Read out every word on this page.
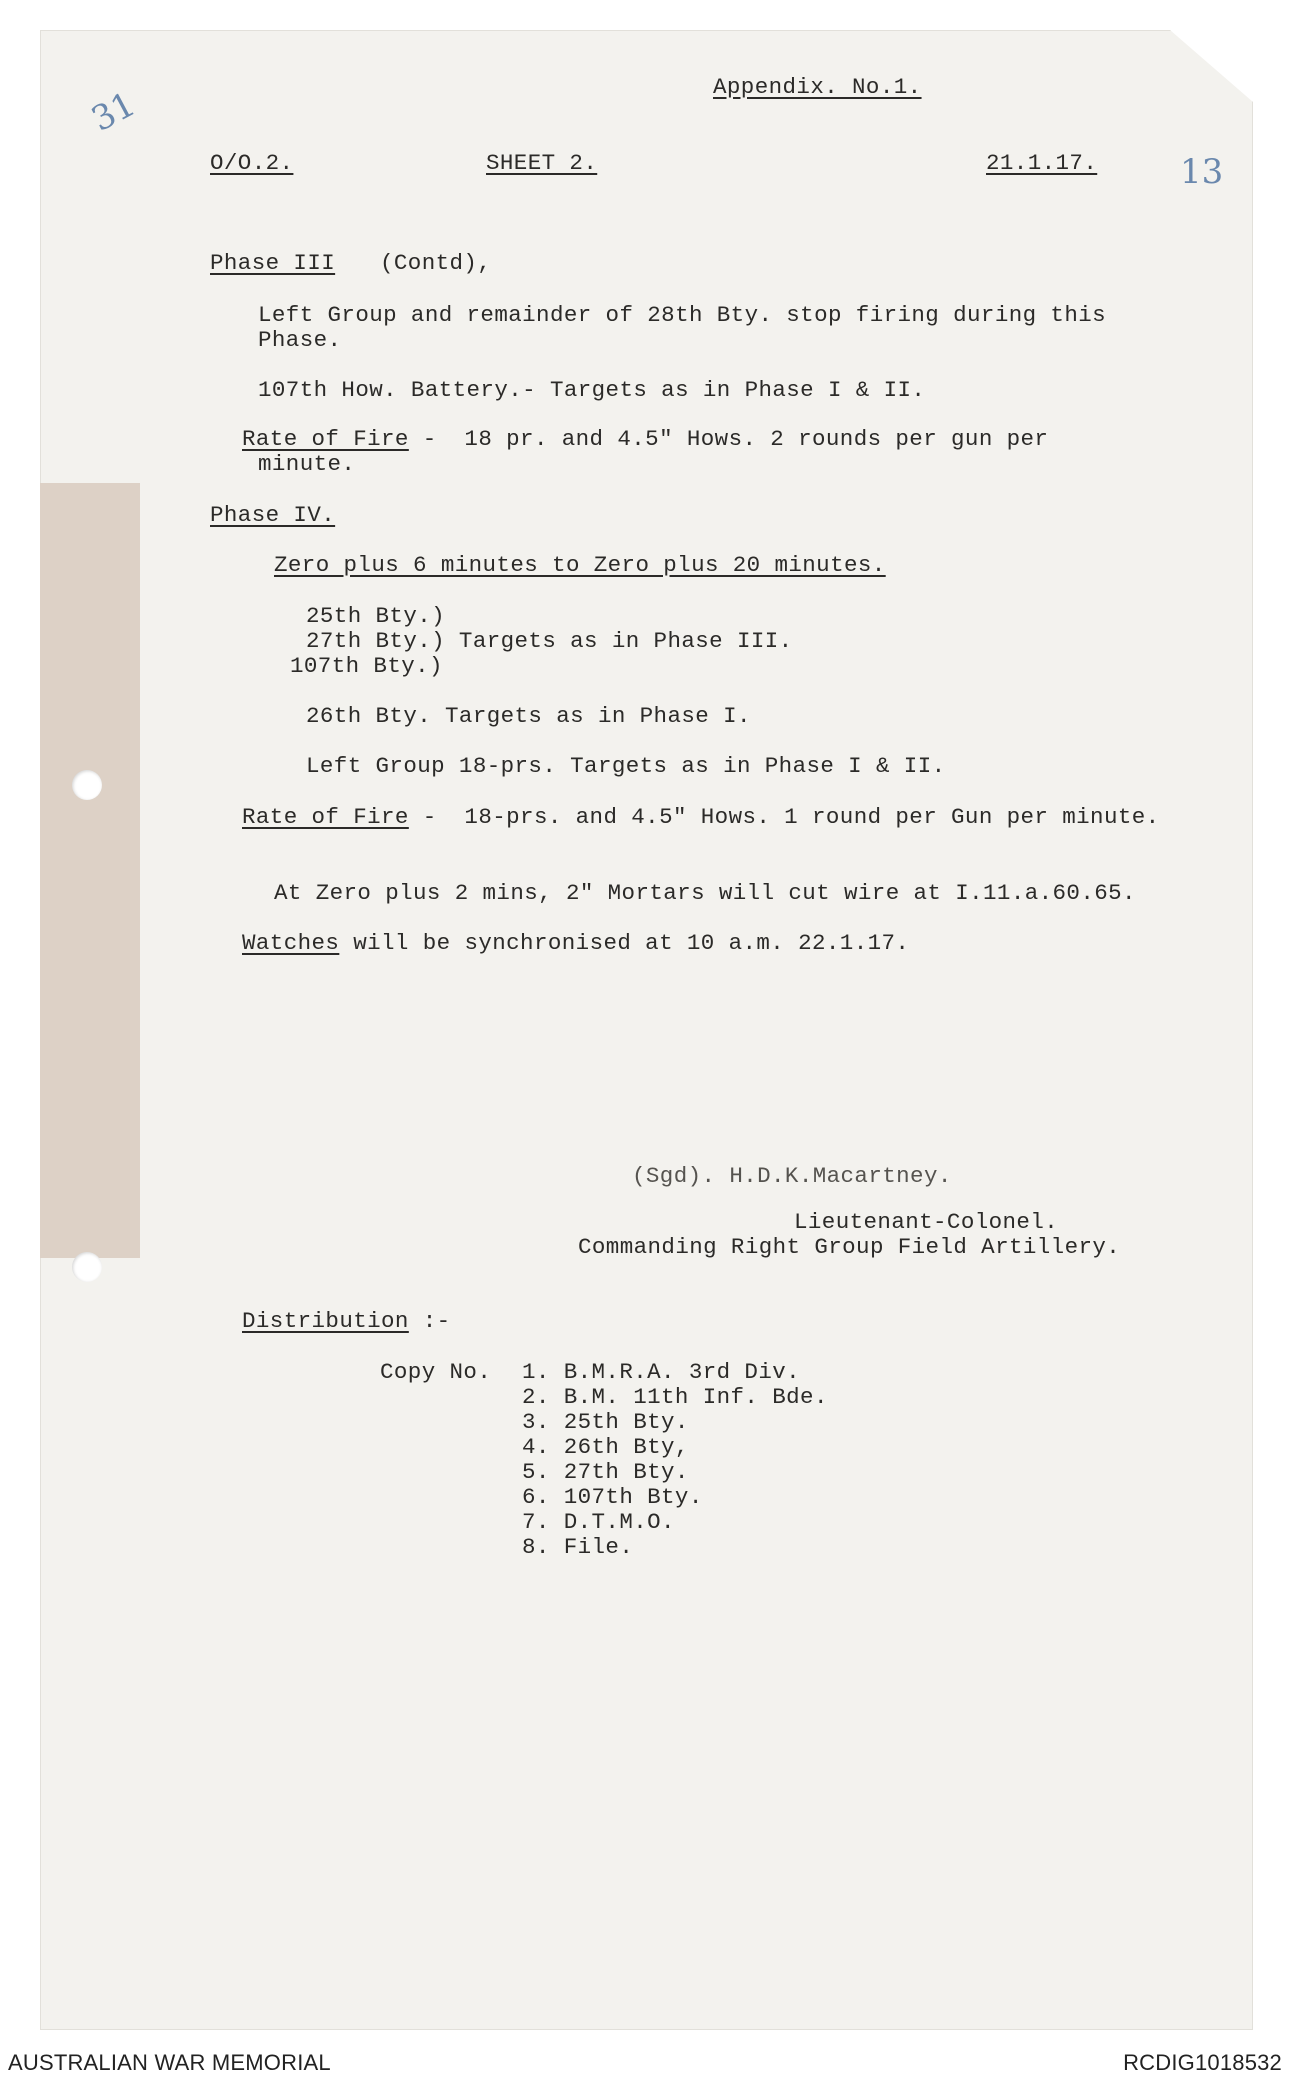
31
13
Appendix. No.1.
O/O.2.	SHEET 2.	21.1.17.
Phase III (Contd),
Left Group and remainder of 28th Bty. stop firing during this
Phase.
107th How. Battery.- Targets as in Phase I & II.
Rate of Fire -  18 pr. and 4.5" Hows. 2 rounds per gun per
minute.
Phase IV.
Zero plus 6 minutes to Zero plus 20 minutes.
25th Bty.)
27th Bty.) Targets as in Phase III.
107th Bty.)
26th Bty. Targets as in Phase I.
Left Group 18-prs. Targets as in Phase I & II.
Rate of Fire -  18-prs. and 4.5" Hows. 1 round per Gun per minute.
At Zero plus 2 mins, 2" Mortars will cut wire at I.11.a.60.65.
Watches will be synchronised at 10 a.m. 22.1.17.
(Sgd). H.D.K.Macartney.
Lieutenant-Colonel.
Commanding Right Group Field Artillery.
Distribution :-
Copy No. 1. B.M.R.A. 3rd Div.
2. B.M. 11th Inf. Bde.
3. 25th Bty.
4. 26th Bty,
5. 27th Bty.
6. 107th Bty.
7. D.T.M.O.
8. File.
AUSTRALIAN WAR MEMORIAL	RCDIG1018532
